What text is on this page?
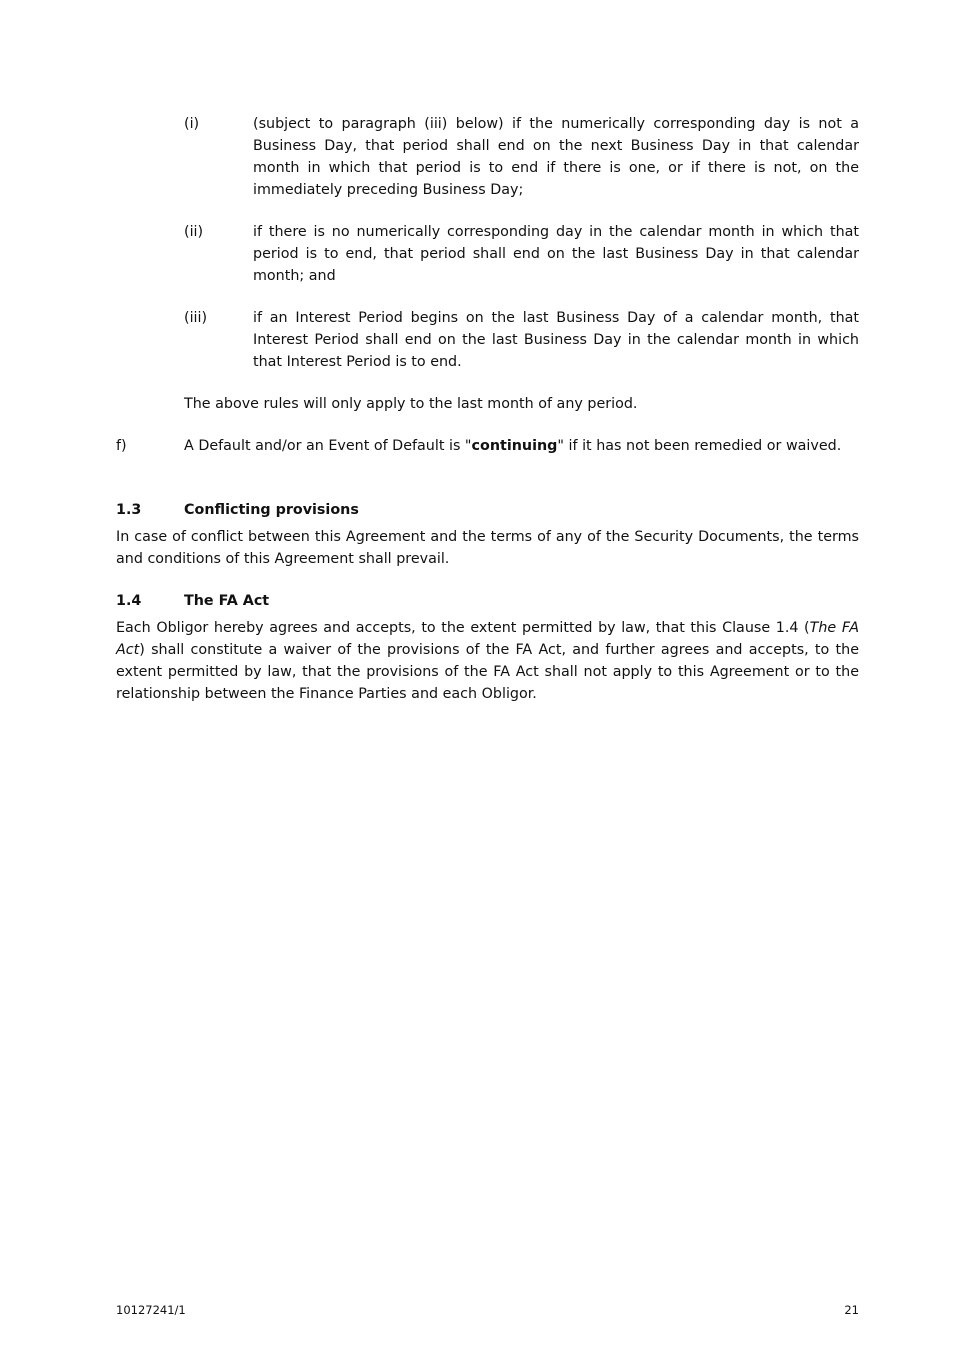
(i)	(subject to paragraph (iii) below) if the numerically corresponding day is not a Business Day, that period shall end on the next Business Day in that calendar month in which that period is to end if there is one, or if there is not, on the immediately preceding Business Day;
(ii)	if there is no numerically corresponding day in the calendar month in which that period is to end, that period shall end on the last Business Day in that calendar month; and
(iii)	if an Interest Period begins on the last Business Day of a calendar month, that Interest Period shall end on the last Business Day in the calendar month in which that Interest Period is to end.
The above rules will only apply to the last month of any period.
f)	A Default and/or an Event of Default is "continuing" if it has not been remedied or waived.
1.3	Conflicting provisions
In case of conflict between this Agreement and the terms of any of the Security Documents, the terms and conditions of this Agreement shall prevail.
1.4	The FA Act
Each Obligor hereby agrees and accepts, to the extent permitted by law, that this Clause 1.4 (The FA Act) shall constitute a waiver of the provisions of the FA Act, and further agrees and accepts, to the extent permitted by law, that the provisions of the FA Act shall not apply to this Agreement or to the relationship between the Finance Parties and each Obligor.
10127241/1	21
